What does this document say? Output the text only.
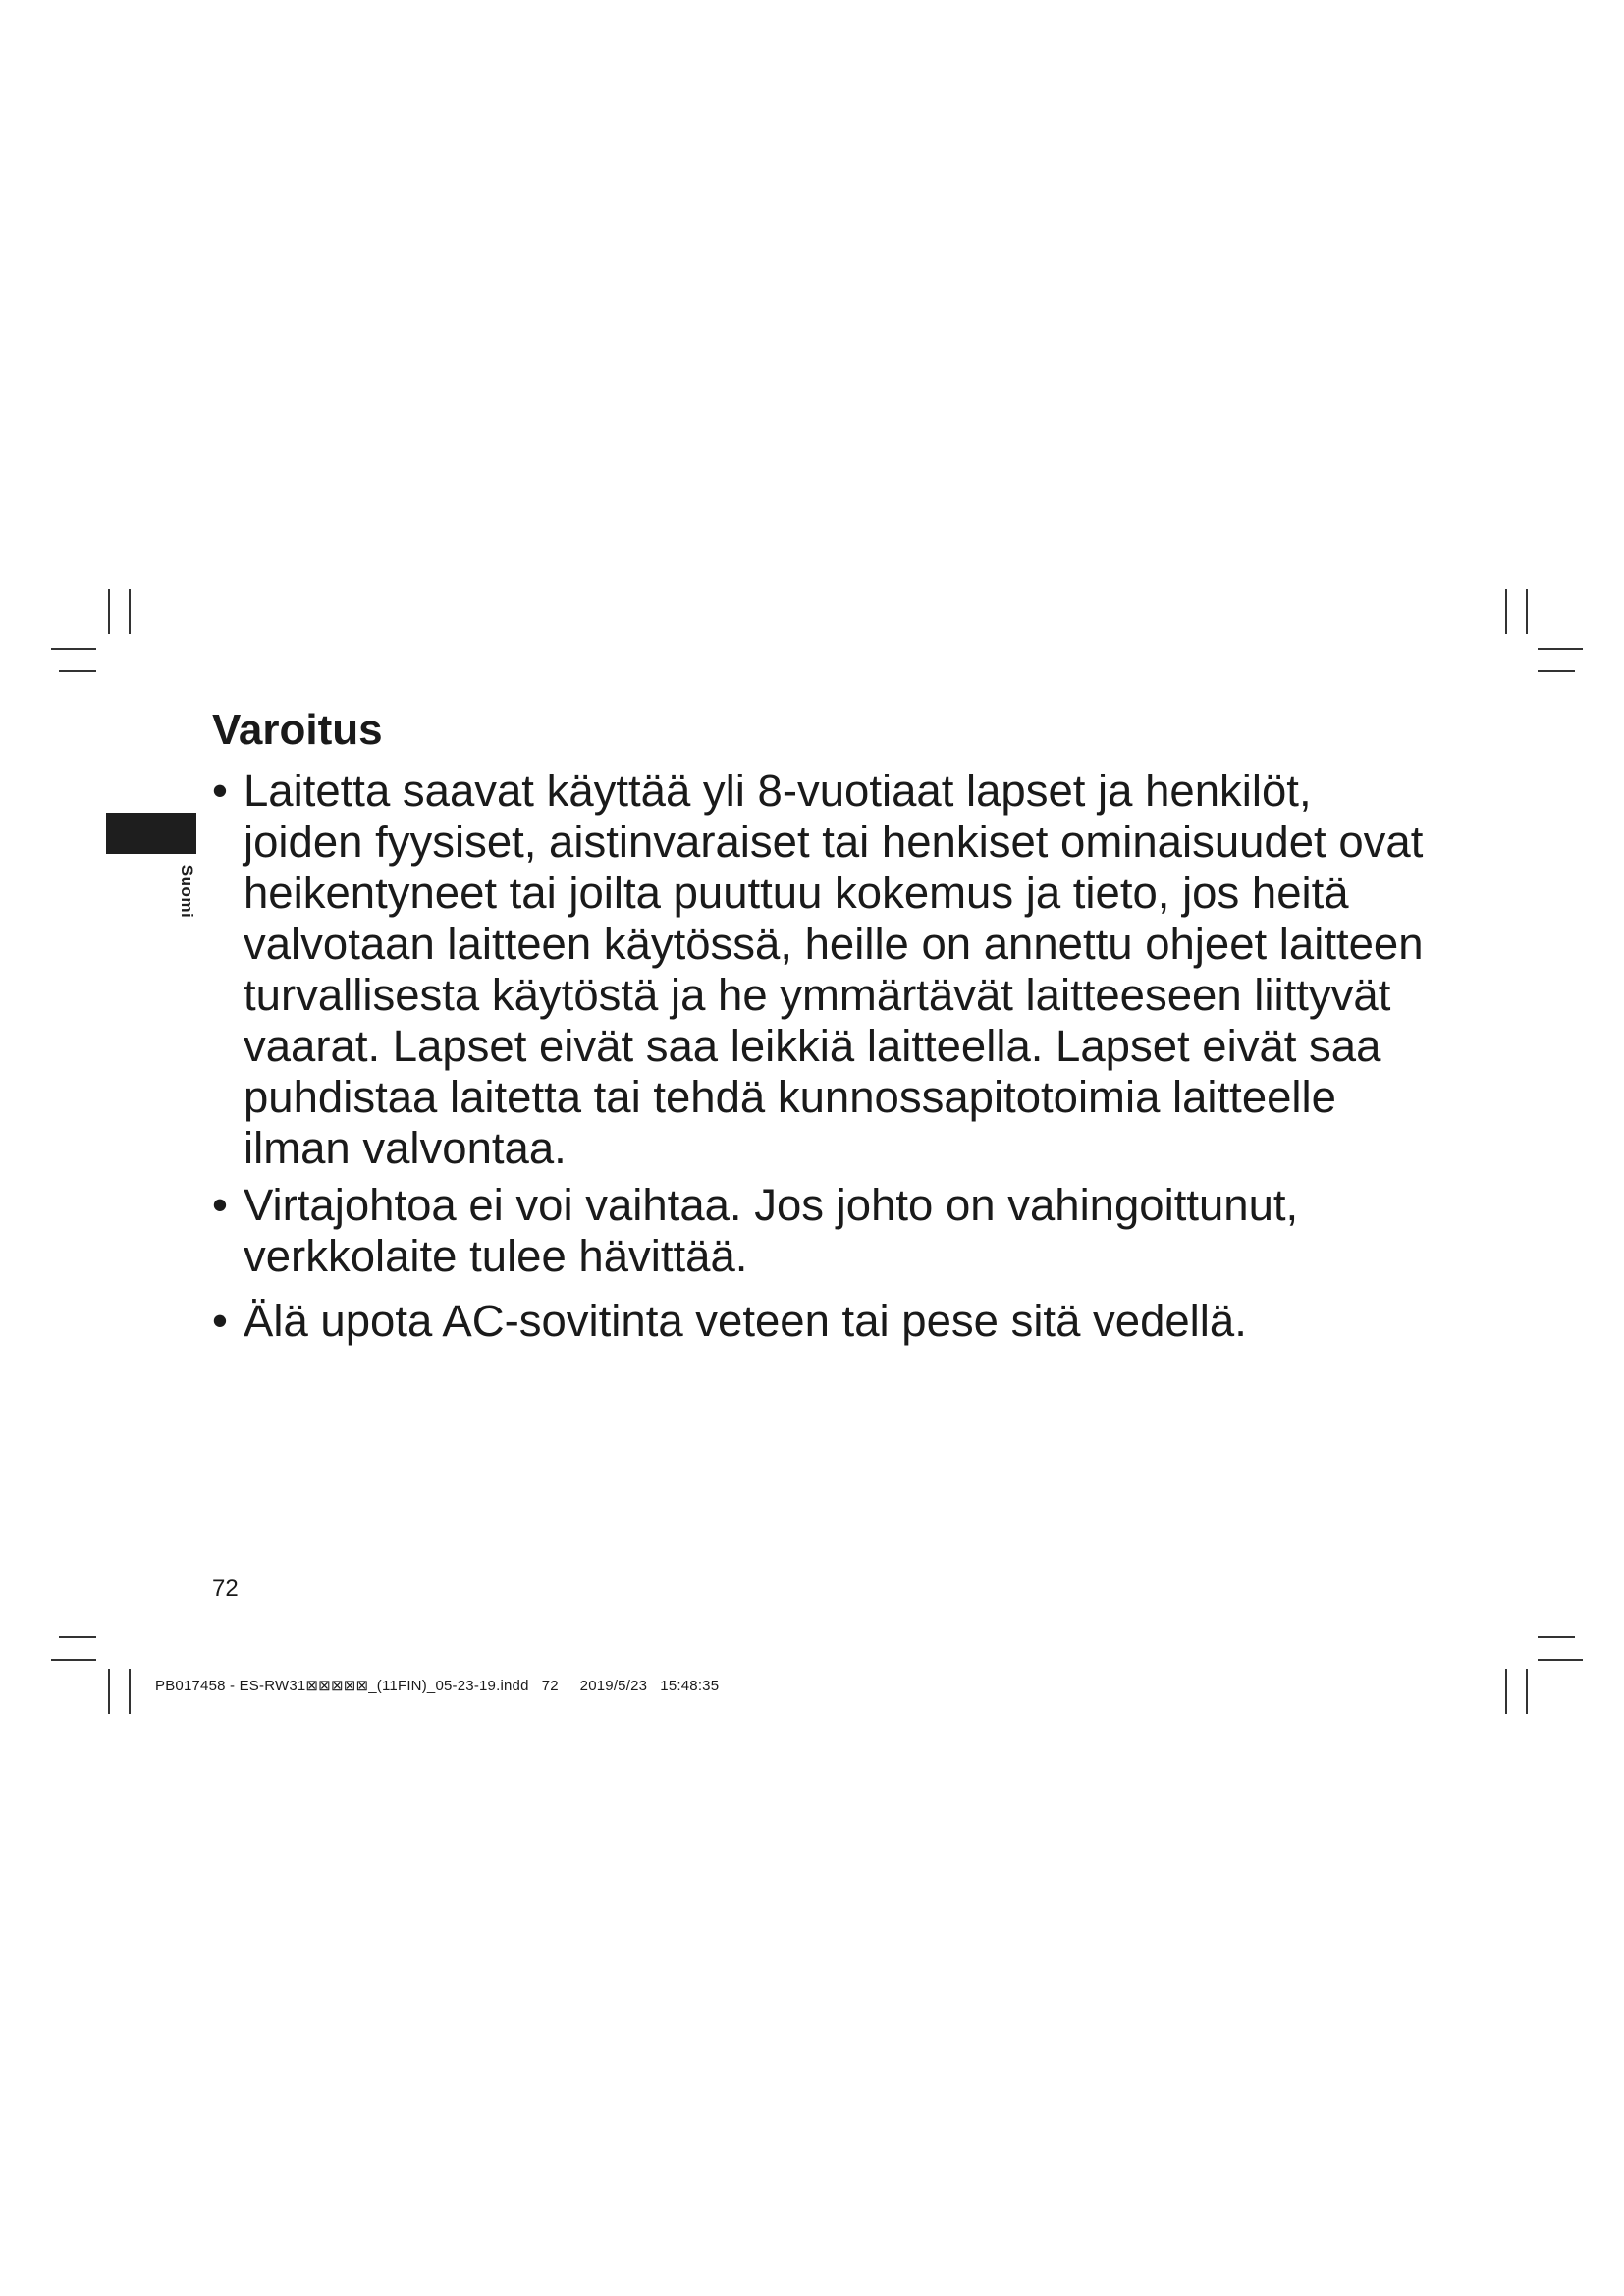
Suomi
Varoitus
• Laitetta saavat käyttää yli 8-vuotiaat lapset ja henkilöt, joiden fyysiset, aistinvaraiset tai henkiset ominaisuudet ovat heikentyneet tai joilta puuttuu kokemus ja tieto, jos heitä valvotaan laitteen käytössä, heille on annettu ohjeet laitteen turvallisesta käytöstä ja he ymmärtävät laitteeseen liittyvät vaarat. Lapset eivät saa leikkiä laitteella. Lapset eivät saa puhdistaa laitetta tai tehdä kunnossapitotoimia laitteelle ilman valvontaa.
• Virtajohtoa ei voi vaihtaa. Jos johto on vahingoittunut, verkkolaite tulee hävittää.
• Älä upota AC-sovitinta veteen tai pese sitä vedellä.
72
PB017458 - ES-RW31⊠⊠⊠⊠⊠_(11FIN)_05-23-19.indd   72     2019/5/23   15:48:35
